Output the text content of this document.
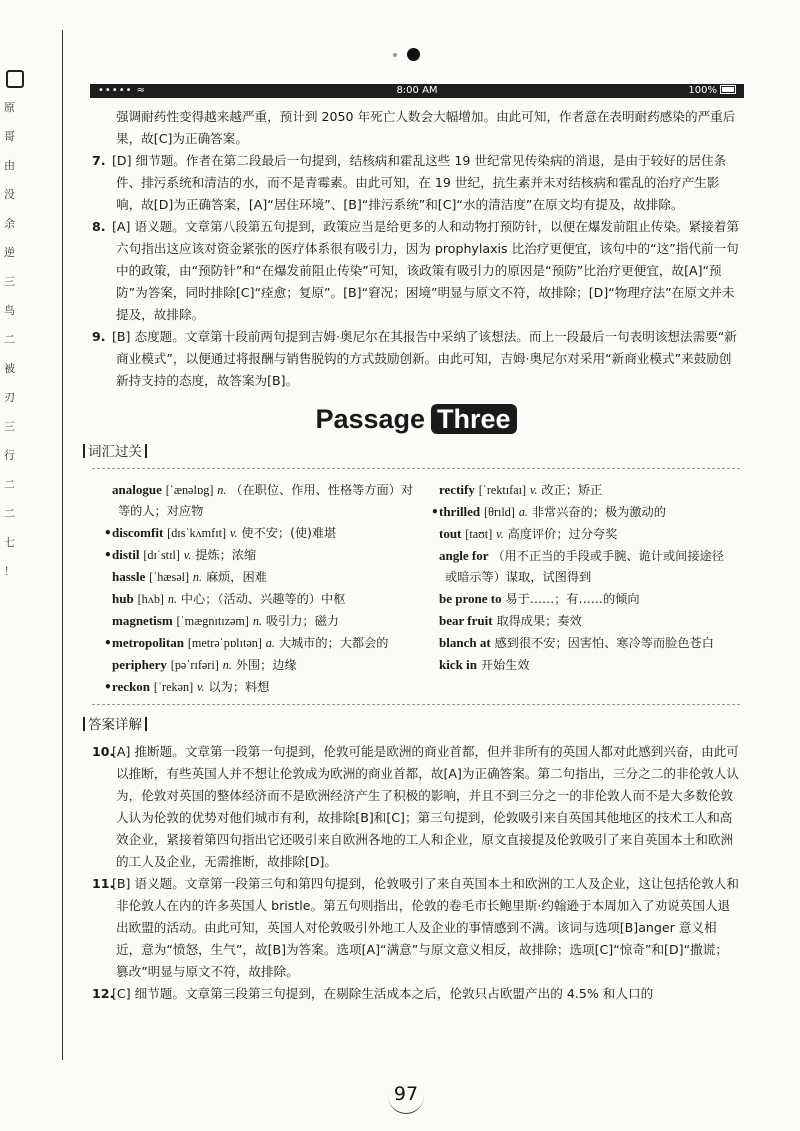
原
哥
由
没
余
逆
三
鸟
二
被
刃
三
行
二
二
七
！
••••• ≈	8:00 AM	100%

强调耐药性变得越来越严重，预计到 2050 年死亡人数会大幅增加。由此可知，作者意在表明耐药感染的严重后果，故[C]为正确答案。

7. [D] 细节题。作者在第二段最后一句提到，结核病和霍乱这些 19 世纪常见传染病的消退，是由于较好的居住条件、排污系统和清洁的水，而不是青霉素。由此可知，在 19 世纪，抗生素并未对结核病和霍乱的治疗产生影响，故[D]为正确答案，[A]“居住环境”、[B]“排污系统”和[C]“水的清洁度”在原文均有提及，故排除。

8. [A] 语义题。文章第八段第五句提到，政策应当是给更多的人和动物打预防针，以便在爆发前阻止传染。紧接着第六句指出这应该对资金紧张的医疗体系很有吸引力，因为 prophylaxis 比治疗更便宜，该句中的“这”指代前一句中的政策，由“预防针”和“在爆发前阻止传染”可知，该政策有吸引力的原因是“预防”比治疗更便宜，故[A]“预防”为答案，同时排除[C]“痊愈；复原”。[B]“窘况；困境”明显与原文不符，故排除；[D]“物理疗法”在原文并未提及，故排除。

9. [B] 态度题。文章第十段前两句提到吉姆·奥尼尔在其报告中采纳了该想法。而上一段最后一句表明该想法需要“新商业模式”，以便通过将报酬与销售脱钩的方式鼓励创新。由此可知，吉姆·奥尼尔对采用“新商业模式”来鼓励创新持支持的态度，故答案为[B]。

Passage Three
词汇过关
analogue [ˈænəlɒg] n. （在职位、作用、性格等方面）对等的人；对应物
•discomfit [dɪsˈkʌmfɪt] v. 使不安；(使)难堪
•distil [dɪˈstɪl] v. 提炼；浓缩
hassle [ˈhæsəl] n. 麻烦，困难
hub [hʌb] n. 中心；（活动、兴趣等的）中枢
magnetism [ˈmægnɪtɪzəm] n. 吸引力；磁力
•metropolitan [metrəˈpɒlɪtən] a. 大城市的；大都会的
periphery [pəˈrɪfəri] n. 外围；边缘
•reckon [ˈrekən] v. 以为；料想
rectify [ˈrektɪfaɪ] v. 改正；矫正
•thrilled [θrɪld] a. 非常兴奋的；极为激动的
tout [taʊt] v. 高度评价；过分夸奖
angle for （用不正当的手段或手腕、诡计或间接途径或暗示等）谋取，试图得到
be prone to 易于……；有……的倾向
bear fruit 取得成果；奏效
blanch at 感到很不安；因害怕、寒冷等而脸色苍白
kick in 开始生效
答案详解

10.[A] 推断题。文章第一段第一句提到，伦敦可能是欧洲的商业首都，但并非所有的英国人都对此感到兴奋，由此可以推断，有些英国人并不想让伦敦成为欧洲的商业首都，故[A]为正确答案。第二句指出，三分之二的非伦敦人认为，伦敦对英国的整体经济而不是欧洲经济产生了积极的影响，并且不到三分之一的非伦敦人而不是大多数伦敦人认为伦敦的优势对他们城市有利，故排除[B]和[C]；第三句提到，伦敦吸引来自英国其他地区的技术工人和高效企业，紧接着第四句指出它还吸引来自欧洲各地的工人和企业，原文直接提及伦敦吸引了来自英国本土和欧洲的工人及企业，无需推断，故排除[D]。

11.[B] 语义题。文章第一段第三句和第四句提到，伦敦吸引了来自英国本土和欧洲的工人及企业，这让包括伦敦人和非伦敦人在内的许多英国人 bristle。第五句则指出，伦敦的卷毛市长鲍里斯·约翰逊于本周加入了劝说英国人退出欧盟的活动。由此可知，英国人对伦敦吸引外地工人及企业的事情感到不满。该词与选项[B]anger 意义相近，意为“愤怒，生气”，故[B]为答案。选项[A]“满意”与原文意义相反，故排除；选项[C]“惊奇”和[D]“撒谎；篡改”明显与原文不符，故排除。

12.[C] 细节题。文章第三段第三句提到，在剔除生活成本之后，伦敦只占欧盟产出的 4.5% 和人口的

97
